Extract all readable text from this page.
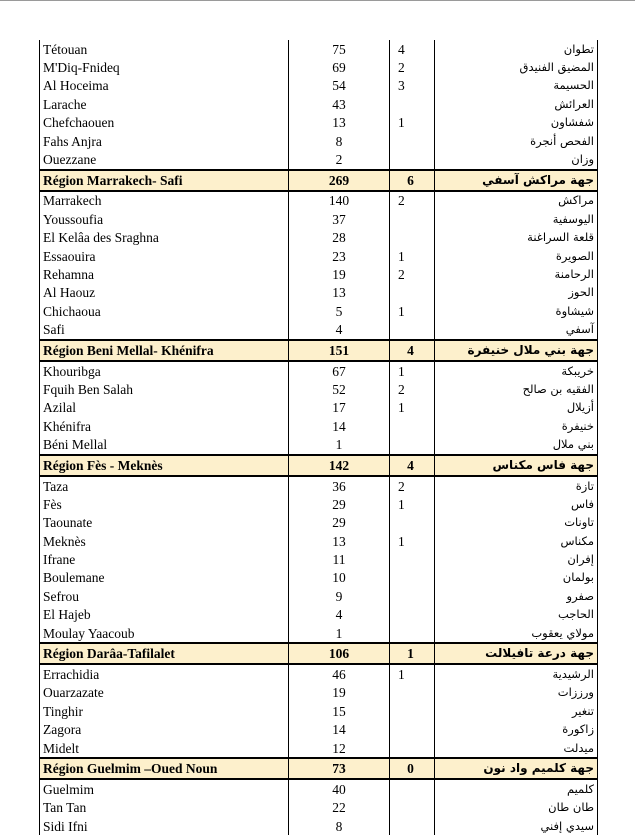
Tétouan	75	4	تطوان
M'Diq-Fnideq	69	2	المضيق الفنيدق
Al Hoceima	54	3	الحسيمة
Larache	43		العرائش
Chefchaouen	13	1	شفشاون
Fahs Anjra	8		الفحص أنجرة
Ouezzane	2		وزان
Région Marrakech- Safi	269	6	جهة مراكش آسفي
Marrakech	140	2	مراكش
Youssoufia	37		اليوسفية
El Kelâa des Sraghna	28		قلعة السراغنة
Essaouira	23	1	الصويرة
Rehamna	19	2	الرحامنة
Al Haouz	13		الحوز
Chichaoua	5	1	شيشاوة
Safi	4		آسفي
Région Beni Mellal- Khénifra	151	4	جهة بني ملال خنيفرة
Khouribga	67	1	خريبكة
Fquih Ben Salah	52	2	الفقيه بن صالح
Azilal	17	1	أزيلال
Khénifra	14		خنيفرة
Béni Mellal	1		بني ملال
Région Fès - Meknès	142	4	جهة فاس مكناس
Taza	36	2	تازة
Fès	29	1	فاس
Taounate	29		تاونات
Meknès	13	1	مكناس
Ifrane	11		إفران
Boulemane	10		بولمان
Sefrou	9		صفرو
El Hajeb	4		الحاجب
Moulay Yaacoub	1		مولاي يعقوب
Région Darâa-Tafilalet	106	1	جهة درعة تافيلالت
Errachidia	46	1	الرشيدية
Ouarzazate	19		ورززات
Tinghir	15		تنغير
Zagora	14		زاكورة
Midelt	12		ميدلت
Région Guelmim –Oued Noun	73	0	جهة كلميم واد نون
Guelmim	40		كلميم
Tan Tan	22		طان طان
Sidi Ifni	8		سيدي إفني
